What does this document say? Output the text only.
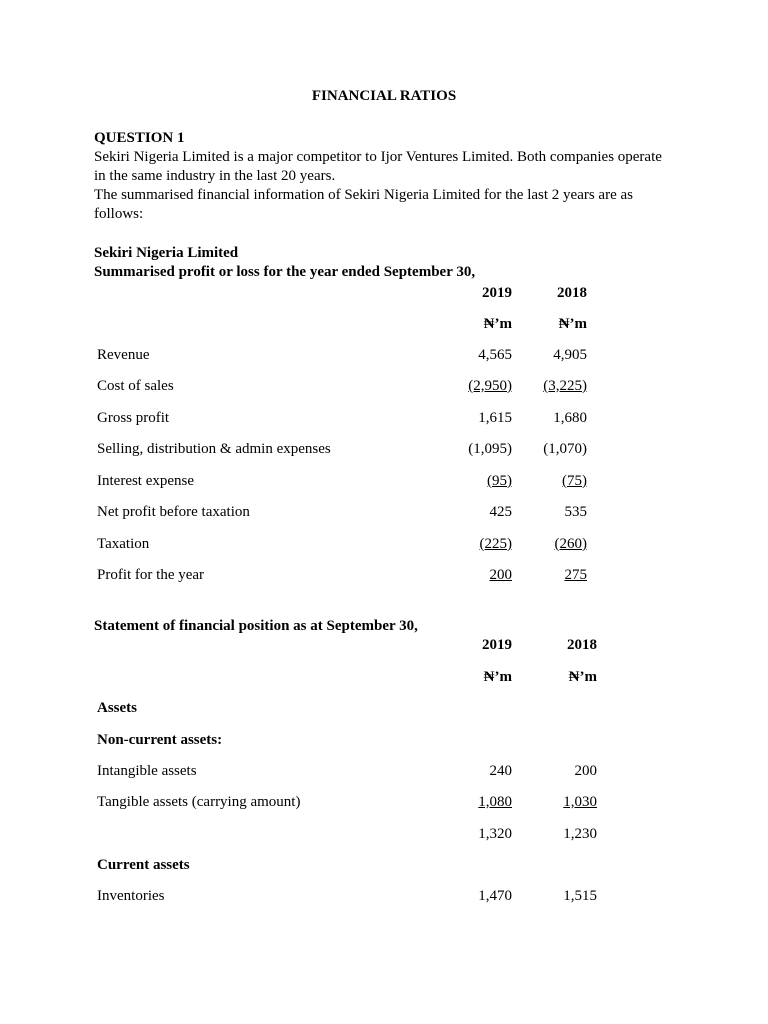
FINANCIAL RATIOS
QUESTION 1
Sekiri Nigeria Limited is a major competitor to Ijor Ventures Limited. Both companies operate in the same industry in the last 20 years.
The summarised financial information of Sekiri Nigeria Limited for the last 2 years are as follows:
Sekiri Nigeria Limited
Summarised profit or loss for the year ended September 30,
2019	2018
₦’m	₦’m
Revenue	4,565	4,905
Cost of sales	(2,950) (3,225)
Gross profit	1,615	1,680
Selling, distribution & admin expenses	(1,095) (1,070)
Interest expense	(95)	(75)
Net profit before taxation	425	535
Taxation	(225)	(260)
Profit for the year	200	275
Statement of financial position as at September 30,
2019	2018
₦’m	₦’m
Assets
Non-current assets:
Intangible assets	240	200
Tangible assets (carrying amount)	1,080	1,030
1,320	1,230
Current assets
Inventories	1,470	1,515
